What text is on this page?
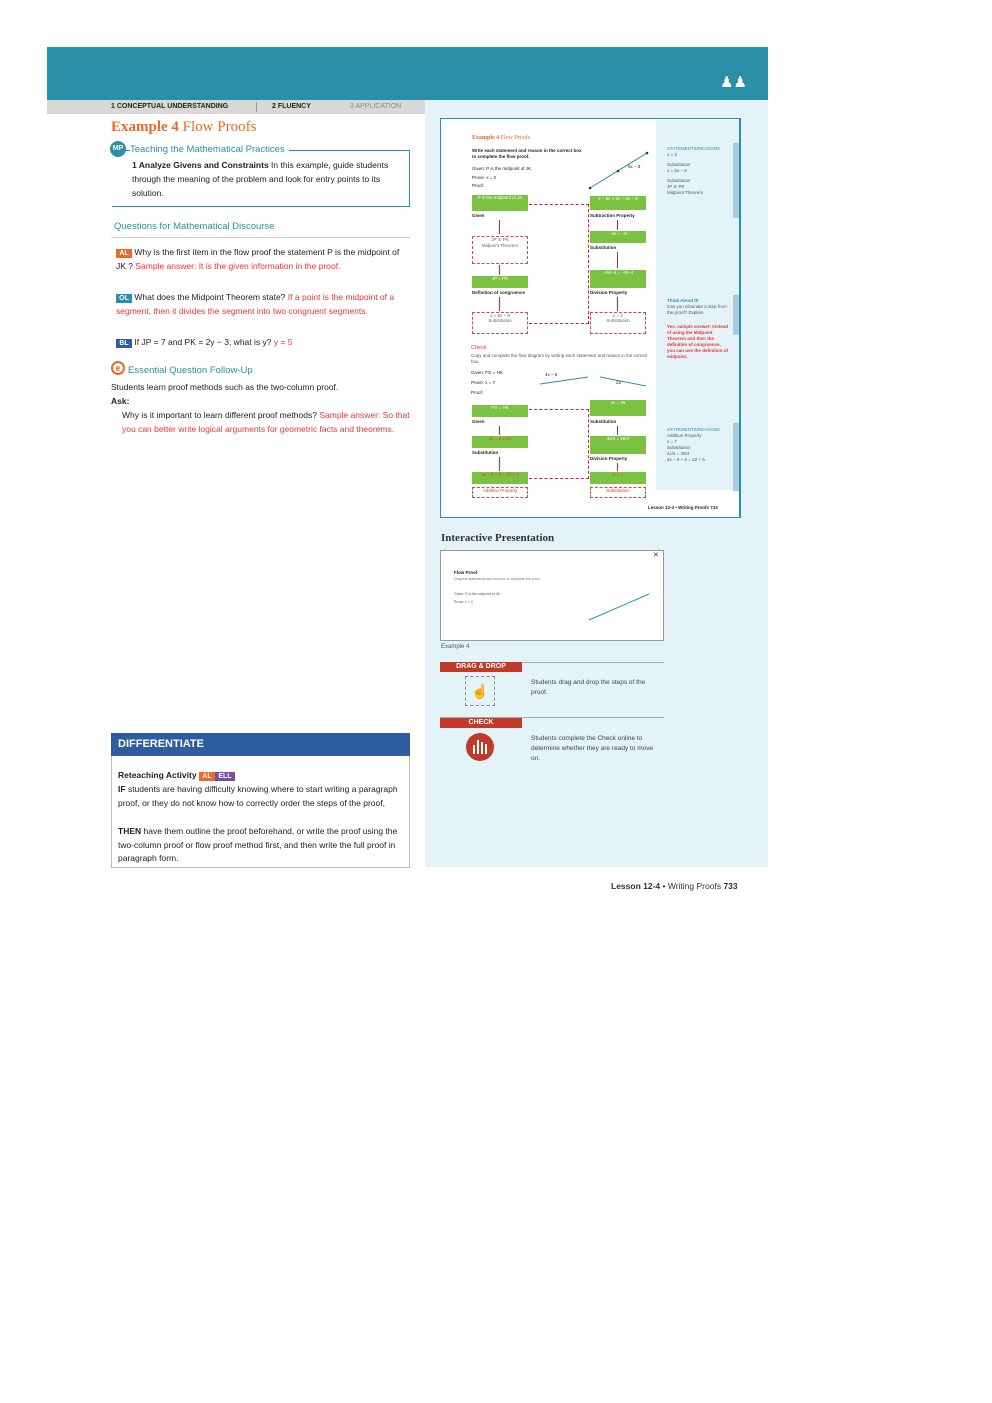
♟♟
1 CONCEPTUAL UNDERSTANDING	2 FLUENCY	3 APPLICATION
Example 4 Flow Proofs
MP Teaching the Mathematical Practices
1 Analyze Givens and Constraints In this example, guide students through the meaning of the problem and look for entry points to its solution.
Questions for Mathematical Discourse
AL Why is the first item in the flow proof the statement P is the midpoint of JK ? Sample answer: It is the given information in the proof.
OL What does the Midpoint Theorem state? If a point is the midpoint of a segment, then it divides the segment into two congruent segments.
BL If JP = 7 and PK = 2y − 3, what is y? y = 5
e Essential Question Follow-Up
Students learn proof methods such as the two-column proof.
Ask:
Why is it important to learn different proof methods? Sample answer: So that you can better write logical arguments for geometric facts and theorems.
DIFFERENTIATE
Reteaching Activity AL ELL
IF students are having difficulty knowing where to start writing a paragraph proof, or they do not know how to correctly order the steps of the proof,
THEN have them outline the proof beforehand, or write the proof using the two-column proof or flow proof method first, and then write the full proof in paragraph form.
Example 4 Flow Proofs
Write each statement and reason in the correct box to complete the flow proof.
Given: P is the midpoint of JK.
Prove: x = 2
Proof:
5x − 8
P is the midpoint of JK
Given
JP ≅ PK
Midpoint Theorem
JP = PK
Definition of congruence
x = 5x − 8
Substitution
x − 5x = 5x − 5x − 8
Subtraction Property
−4x = −8
Substitution
−4x/−4 = −8/−4
Division Property
x = 2
Substitution
STATEMENTS/REASONS
x = 2
Substitution
x = 5x − 8
Substitution
JP ≅ PK
Midpoint Theorem
Think About It!
Can you eliminate a step from the proof? Explain.
Yes, sample answer: Instead of using the Midpoint Theorem and then the definition of congruence, you can use the definition of midpoint.
Check
Copy and complete the flow diagram by writing each statement and reason in the correct box.
Given: FG = HK
Prove: x = 7
Proof:
4x − 6
22
FG = HK
Given
4x − 6 = 22
Substitution
4x − 6 + 6 = 22 + 6
Addition Property
4x = 28
Substitution
4x/4 = 28/4
Division Property
x = 7
Substitution
STATEMENTS/REASONS
Addition Property
x = 7
Substitution
4x/4 = 28/4
4x − 6 + 6 = 22 + 6
Lesson 12-4 • Writing Proofs 733
Interactive Presentation
✕
Flow Proof
Drag the statements and reasons to complete the proof.
Given: P is the midpoint of JK.
Prove: x = 2
Example 4
DRAG & DROP
☝
Students drag and drop the steps of the proof.
CHECK
Students complete the Check online to determine whether they are ready to move on.
Lesson 12-4 • Writing Proofs 733
